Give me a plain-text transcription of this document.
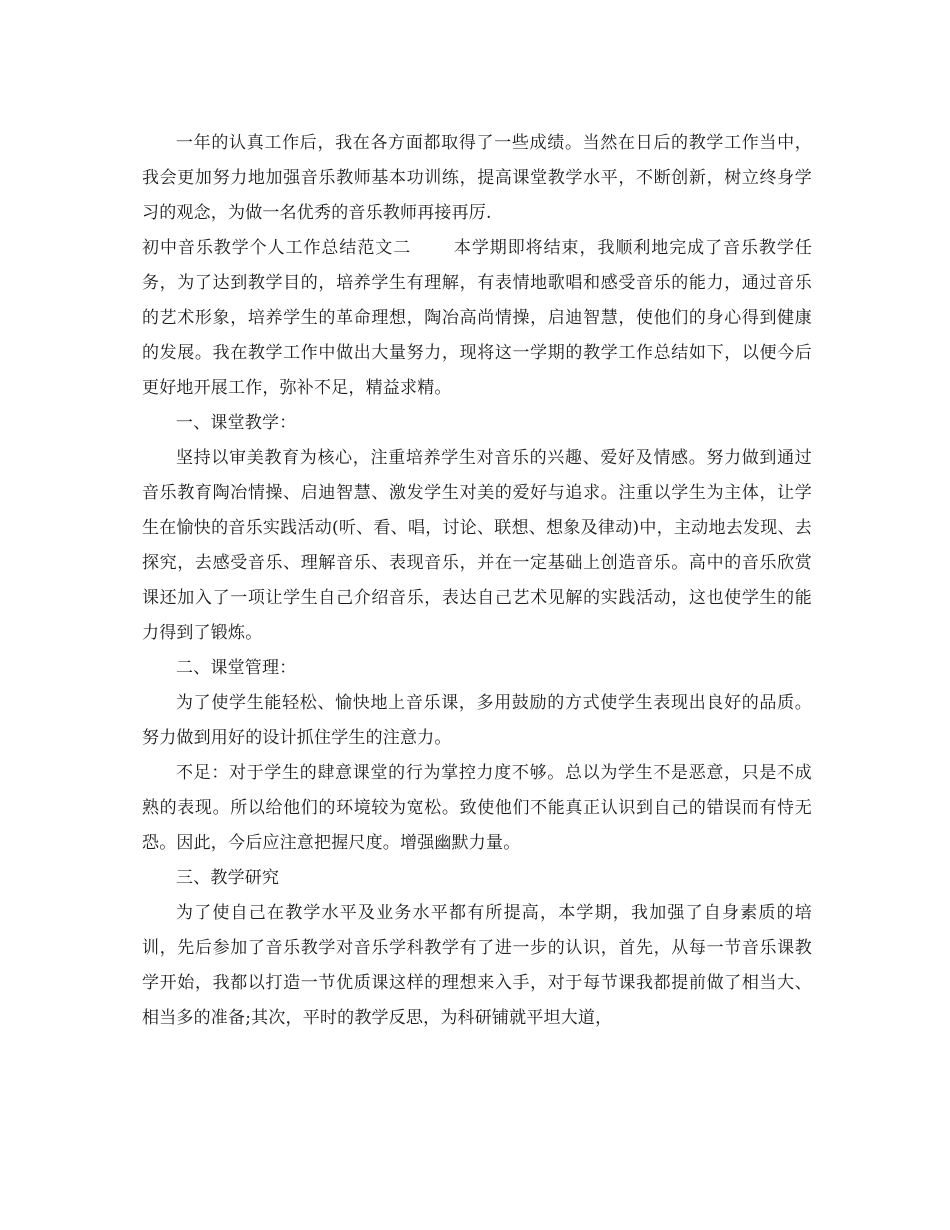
一年的认真工作后，我在各方面都取得了一些成绩。当然在日后的教学工作当中，我会更加努力地加强音乐教师基本功训练，提高课堂教学水平，不断创新，树立终身学习的观念，为做一名优秀的音乐教师再接再厉.

初中音乐教学个人工作总结范文二 本学期即将结束，我顺利地完成了音乐教学任务，为了达到教学目的，培养学生有理解，有表情地歌唱和感受音乐的能力，通过音乐的艺术形象，培养学生的革命理想，陶冶高尚情操，启迪智慧，使他们的身心得到健康的发展。我在教学工作中做出大量努力，现将这一学期的教学工作总结如下，以便今后更好地开展工作，弥补不足，精益求精。

一、课堂教学：

坚持以审美教育为核心，注重培养学生对音乐的兴趣、爱好及情感。努力做到通过音乐教育陶冶情操、启迪智慧、激发学生对美的爱好与追求。注重以学生为主体，让学生在愉快的音乐实践活动(听、看、唱，讨论、联想、想象及律动)中，主动地去发现、去探究，去感受音乐、理解音乐、表现音乐，并在一定基础上创造音乐。高中的音乐欣赏课还加入了一项让学生自己介绍音乐，表达自己艺术见解的实践活动，这也使学生的能力得到了锻炼。

二、课堂管理：

为了使学生能轻松、愉快地上音乐课，多用鼓励的方式使学生表现出良好的品质。努力做到用好的设计抓住学生的注意力。

不足：对于学生的肆意课堂的行为掌控力度不够。总以为学生不是恶意，只是不成熟的表现。所以给他们的环境较为宽松。致使他们不能真正认识到自己的错误而有恃无恐。因此，今后应注意把握尺度。增强幽默力量。

三、教学研究

为了使自己在教学水平及业务水平都有所提高，本学期，我加强了自身素质的培训，先后参加了音乐教学对音乐学科教学有了进一步的认识，首先，从每一节音乐课教学开始，我都以打造一节优质课这样的理想来入手，对于每节课我都提前做了相当大、相当多的准备;其次，平时的教学反思，为科研铺就平坦大道，
